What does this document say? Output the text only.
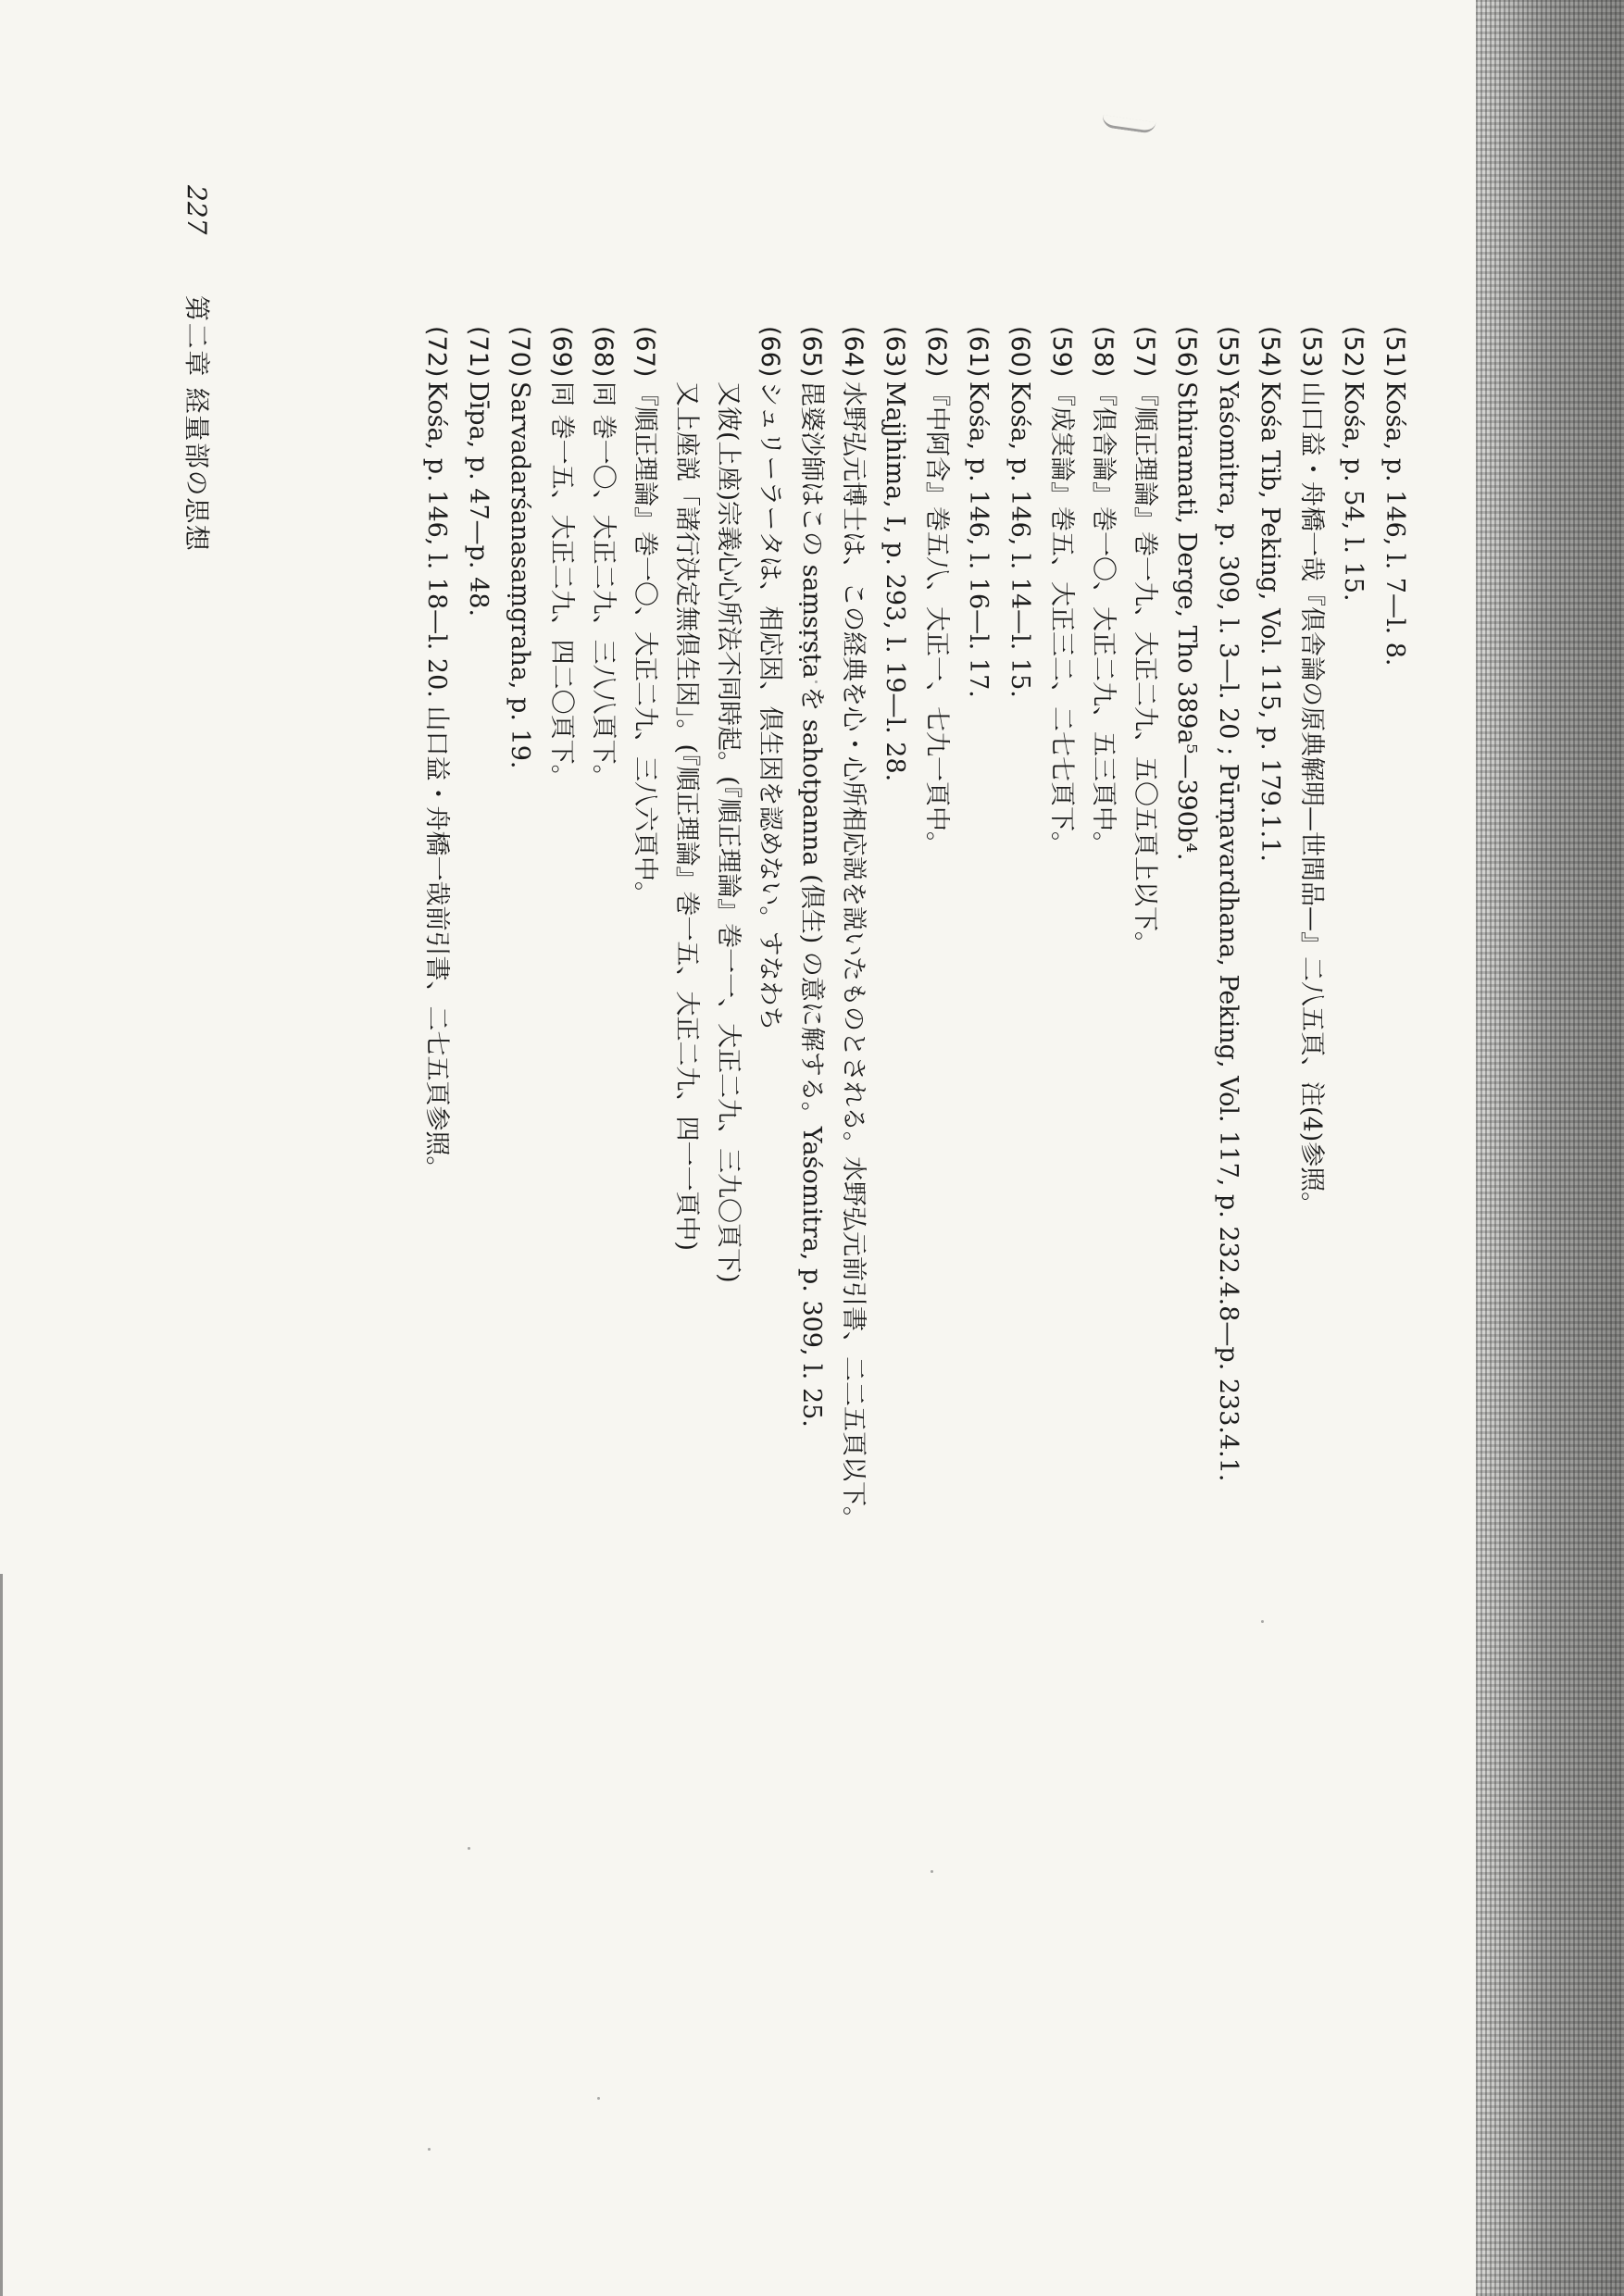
227 第二章 経量部の思想	(51)Kośa, p. 146, l. 7—l. 8.
(52)Kośa, p. 54, l. 15.
(53)山口益・舟橋一哉『倶舎論の原典解明—世間品—』二八五頁、注(4)参照。
(54)Kośa Tib, Peking, Vol. 115, p. 179.1.1.
(55)Yaśomitra, p. 309, l. 3—l. 20 ; Pūrṇavardhana, Peking, Vol. 117, p. 232.4.8—p. 233.4.1.
(56)Sthiramati, Derge, Tho 389a⁵—390b⁴.
(57)『順正理論』巻一九、大正二九、五〇五頁上以下。
(58)『倶舎論』巻一〇、大正二九、五三頁中。
(59)『成実論』巻五、大正三二、二七七頁下。
(60)Kośa, p. 146, l. 14—l. 15.
(61)Kośa, p. 146, l. 16—l. 17.
(62)『中阿含』巻五八、大正一、七九一頁中。
(63)Majjhima, I, p. 293, l. 19—l. 28.
(64)水野弘元博士は、この経典を心・心所相応説を説いたものとされる。水野弘元前引書、二二五頁以下。
(65)毘婆沙師はこの saṃsṛṣṭa を sahotpanna (倶生) の意に解する。Yaśomitra, p. 309, l. 25.
(66)シュリーラータは、相応因、倶生因を認めない。すなわち
又彼(上座)宗義心心所法不同時起。(『順正理論』巻一一、大正二九、三九〇頁下)
又上座説「諸行決定無倶生因」。(『順正理論』巻一五、大正二九、四一一頁中)
(67)『順正理論』巻一〇、大正二九、三八六頁中。
(68)同 巻一〇、大正二九、三八八頁下。
(69)同 巻一五、大正二九、四二〇頁下。
(70)Sarvadarśanasaṃgraha, p. 19.
(71)Dīpa, p. 47—p. 48.
(72)Kośa, p. 146, l. 18—l. 20. 山口益・舟橋一哉前引書、二七五頁参照。
